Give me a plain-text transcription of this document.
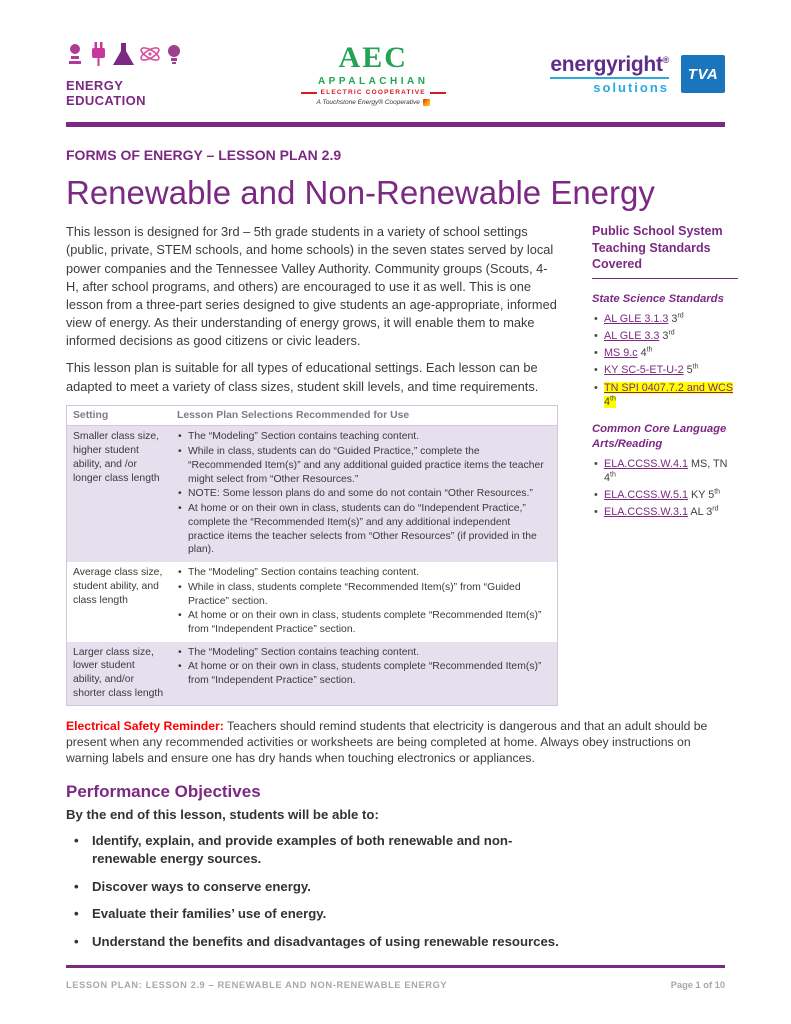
ENERGY EDUCATION
AEC
APPALACHIAN
ELECTRIC COOPERATIVE
A Touchstone Energy® Cooperative
energyright®
solutions
TVA
FORMS OF ENERGY – LESSON PLAN 2.9
Renewable and Non-Renewable Energy

This lesson is designed for 3rd – 5th grade students in a variety of school settings (public, private, STEM schools, and home schools) in the seven states served by local power companies and the Tennessee Valley Authority. Community groups (Scouts, 4-H, after school programs, and others) are encouraged to use it as well. This is one lesson from a three-part series designed to give students an age-appropriate, informed view of energy. As their understanding of energy grows, it will enable them to make informed decisions as good citizens or civic leaders.

This lesson plan is suitable for all types of educational settings. Each lesson can be adapted to meet a variety of class sizes, student skill levels, and time requirements.

Setting	Lesson Plan Selections Recommended for Use
Smaller class size, higher student ability, and /or longer class length
• The “Modeling” Section contains teaching content.
• While in class, students can do “Guided Practice,” complete the “Recommended Item(s)” and any additional guided practice items the teacher might select from “Other Resources.”
• NOTE: Some lesson plans do and some do not contain “Other Resources.”
• At home or on their own in class, students can do “Independent Practice,” complete the “Recommended Item(s)” and any additional independent practice items the teacher selects from “Other Resources” (if provided in the plan).
Average class size, student ability, and class length
• The “Modeling” Section contains teaching content.
• While in class, students complete “Recommended Item(s)” from “Guided Practice” section.
• At home or on their own in class, students complete “Recommended Item(s)” from “Independent Practice” section.
Larger class size, lower student ability, and/or shorter class length
• The “Modeling” Section contains teaching content.
• At home or on their own in class, students complete “Recommended Item(s)” from “Independent Practice” section.
Public School System Teaching Standards Covered
State Science Standards
• AL GLE 3.1.3 3rd
• AL GLE 3.3 3rd
• MS 9.c 4th
• KY SC-5-ET-U-2 5th
• TN SPI 0407.7.2 and WCS 4th
Common Core Language Arts/Reading
• ELA.CCSS.W.4.1 MS, TN 4th
• ELA.CCSS.W.5.1 KY 5th
• ELA.CCSS.W.3.1 AL 3rd

Electrical Safety Reminder: Teachers should remind students that electricity is dangerous and that an adult should be present when any recommended activities or worksheets are being completed at home. Always obey instructions on warning labels and ensure one has dry hands when touching electronics or appliances.

Performance Objectives
By the end of this lesson, students will be able to:
• Identify, explain, and provide examples of both renewable and non-renewable energy sources.
• Discover ways to conserve energy.
• Evaluate their families’ use of energy.
• Understand the benefits and disadvantages of using renewable resources.
LESSON PLAN: LESSON 2.9 – RENEWABLE AND NON-RENEWABLE ENERGY	Page 1 of 10
